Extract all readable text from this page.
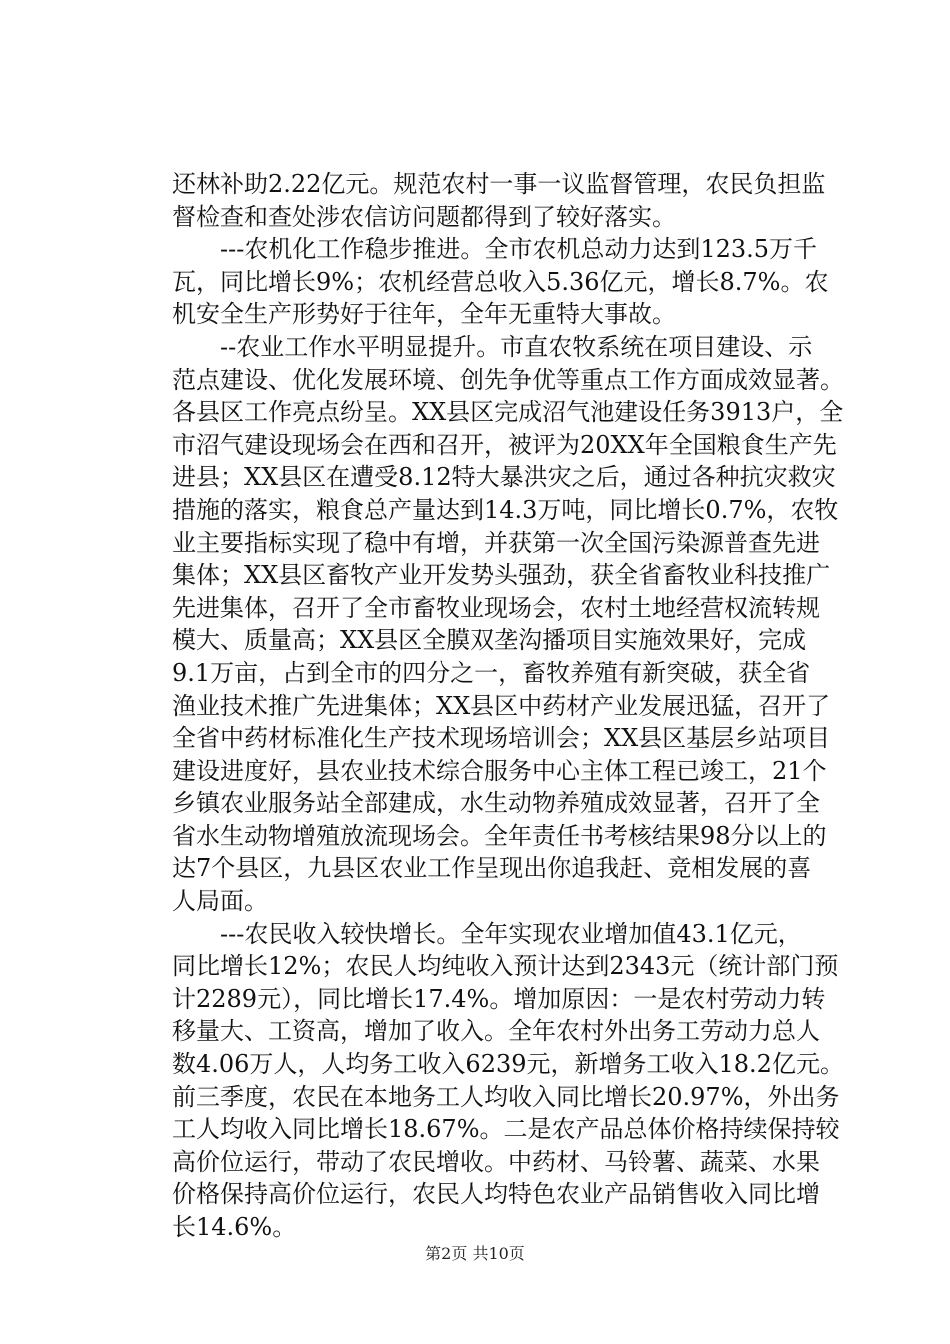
还林补助2.22亿元。规范农村一事一议监督管理，农民负担监
督检查和查处涉农信访问题都得到了较好落实。
---农机化工作稳步推进。全市农机总动力达到123.5万千
瓦，同比增长9%；农机经营总收入5.36亿元，增长8.7%。农
机安全生产形势好于往年，全年无重特大事故。
--农业工作水平明显提升。市直农牧系统在项目建设、示
范点建设、优化发展环境、创先争优等重点工作方面成效显著。
各县区工作亮点纷呈。XX县区完成沼气池建设任务3913户，全
市沼气建设现场会在西和召开，被评为20XX年全国粮食生产先
进县；XX县区在遭受8.12特大暴洪灾之后，通过各种抗灾救灾
措施的落实，粮食总产量达到14.3万吨，同比增长0.7%，农牧
业主要指标实现了稳中有增，并获第一次全国污染源普查先进
集体；XX县区畜牧产业开发势头强劲，获全省畜牧业科技推广
先进集体，召开了全市畜牧业现场会，农村土地经营权流转规
模大、质量高；XX县区全膜双垄沟播项目实施效果好，完成
9.1万亩，占到全市的四分之一，畜牧养殖有新突破，获全省
渔业技术推广先进集体；XX县区中药材产业发展迅猛，召开了
全省中药材标准化生产技术现场培训会；XX县区基层乡站项目
建设进度好，县农业技术综合服务中心主体工程已竣工，21个
乡镇农业服务站全部建成，水生动物养殖成效显著，召开了全
省水生动物增殖放流现场会。全年责任书考核结果98分以上的
达7个县区，九县区农业工作呈现出你追我赶、竞相发展的喜
人局面。
---农民收入较快增长。全年实现农业增加值43.1亿元，
同比增长12%；农民人均纯收入预计达到2343元（统计部门预
计2289元），同比增长17.4%。增加原因：一是农村劳动力转
移量大、工资高，增加了收入。全年农村外出务工劳动力总人
数4.06万人，人均务工收入6239元，新增务工收入18.2亿元。
前三季度，农民在本地务工人均收入同比增长20.97%，外出务
工人均收入同比增长18.67%。二是农产品总体价格持续保持较
高价位运行，带动了农民增收。中药材、马铃薯、蔬菜、水果
价格保持高价位运行，农民人均特色农业产品销售收入同比增
长14.6%。
第2页 共10页
